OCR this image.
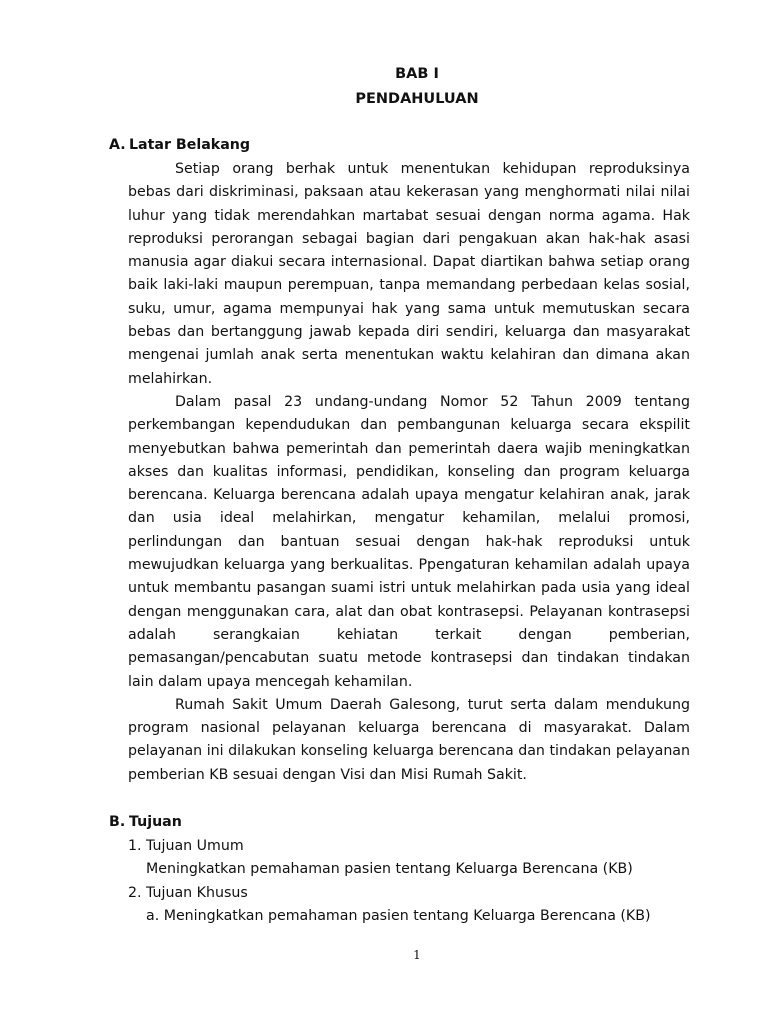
BAB I
PENDAHULUAN
A. Latar Belakang

Setiap orang berhak untuk menentukan kehidupan reproduksinya bebas dari diskriminasi, paksaan atau kekerasan yang menghormati nilai nilai luhur yang tidak merendahkan martabat sesuai dengan norma agama. Hak reproduksi perorangan sebagai bagian dari pengakuan akan hak-hak asasi manusia agar diakui secara internasional. Dapat diartikan bahwa setiap orang baik laki-laki maupun perempuan, tanpa memandang perbedaan kelas sosial, suku, umur, agama mempunyai hak yang sama untuk memutuskan secara bebas dan bertanggung jawab kepada diri sendiri, keluarga dan masyarakat mengenai jumlah anak serta menentukan waktu kelahiran dan dimana akan melahirkan.

Dalam pasal 23 undang-undang Nomor 52 Tahun 2009 tentang perkembangan kependudukan dan pembangunan keluarga secara ekspilit menyebutkan bahwa pemerintah dan pemerintah daera wajib meningkatkan akses dan kualitas informasi, pendidikan, konseling dan program keluarga berencana. Keluarga berencana adalah upaya mengatur kelahiran anak, jarak dan usia ideal melahirkan, mengatur kehamilan, melalui promosi, perlindungan dan bantuan sesuai dengan hak-hak reproduksi untuk mewujudkan keluarga yang berkualitas. Ppengaturan kehamilan adalah upaya untuk membantu pasangan suami istri untuk melahirkan pada usia yang ideal dengan menggunakan cara, alat dan obat kontrasepsi. Pelayanan kontrasepsi adalah serangkaian kehiatan terkait dengan pemberian, pemasangan/pencabutan suatu metode kontrasepsi dan tindakan tindakan lain dalam upaya mencegah kehamilan.

Rumah Sakit Umum Daerah Galesong, turut serta dalam mendukung program nasional pelayanan keluarga berencana di masyarakat. Dalam pelayanan ini dilakukan konseling keluarga berencana dan tindakan pelayanan pemberian KB sesuai dengan Visi dan Misi Rumah Sakit.

B. Tujuan
1. Tujuan Umum
Meningkatkan pemahaman pasien tentang Keluarga Berencana (KB)
2. Tujuan Khusus
a. Meningkatkan pemahaman pasien tentang Keluarga Berencana (KB)
1
